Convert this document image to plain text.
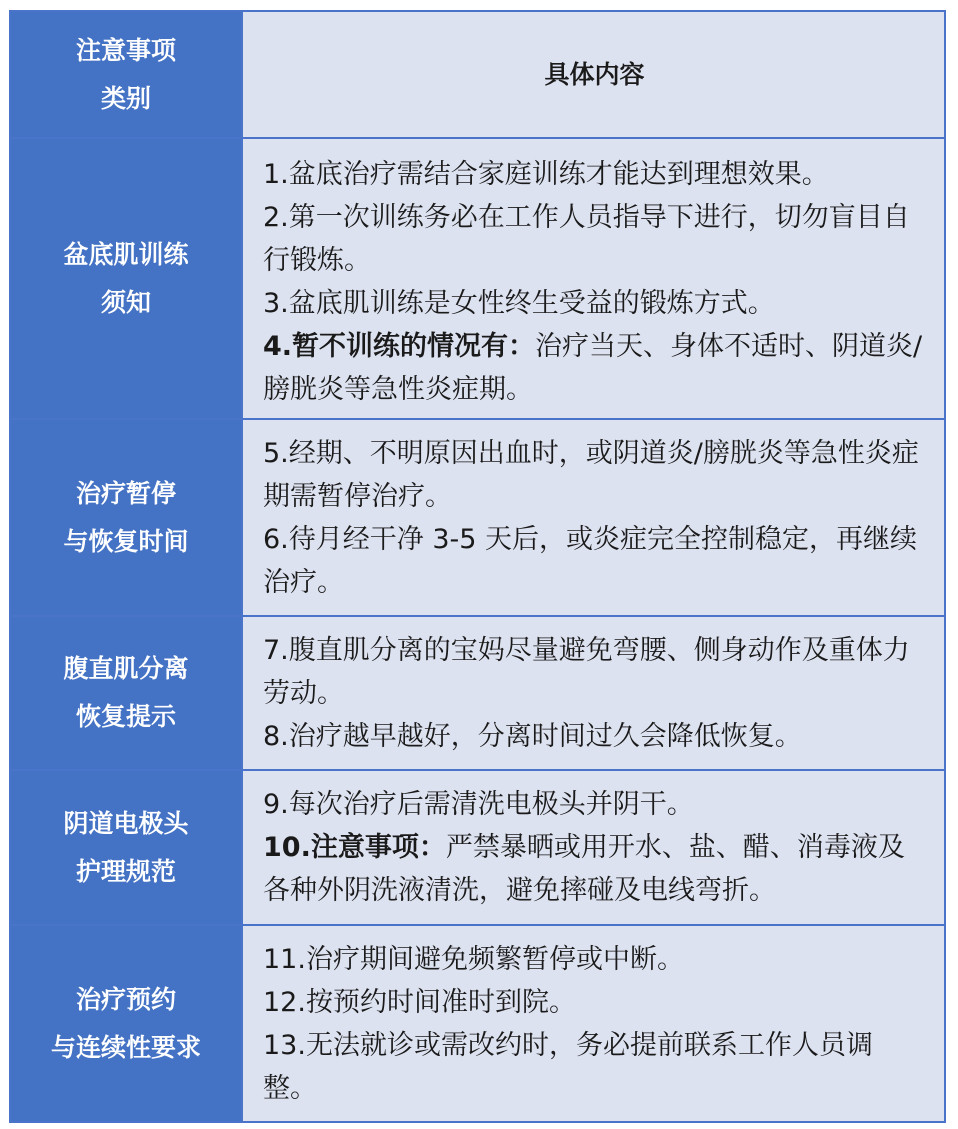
注意事项
类别	具体内容

盆底肌训练
须知	1.盆底治疗需结合家庭训练才能达到理想效果。
2.第一次训练务必在工作人员指导下进行，切勿盲目自行锻炼。
3.盆底肌训练是女性终生受益的锻炼方式。
4.暂不训练的情况有：治疗当天、身体不适时、阴道炎/膀胱炎等急性炎症期。

治疗暂停
与恢复时间	5.经期、不明原因出血时，或阴道炎/膀胱炎等急性炎症期需暂停治疗。
6.待月经干净 3-5 天后，或炎症完全控制稳定，再继续治疗。

腹直肌分离
恢复提示	7.腹直肌分离的宝妈尽量避免弯腰、侧身动作及重体力劳动。
8.治疗越早越好，分离时间过久会降低恢复。

阴道电极头
护理规范	9.每次治疗后需清洗电极头并阴干。
10.注意事项：严禁暴晒或用开水、盐、醋、消毒液及各种外阴洗液清洗，避免摔碰及电线弯折。

治疗预约
与连续性要求	11.治疗期间避免频繁暂停或中断。
12.按预约时间准时到院。
13.无法就诊或需改约时，务必提前联系工作人员调整。
